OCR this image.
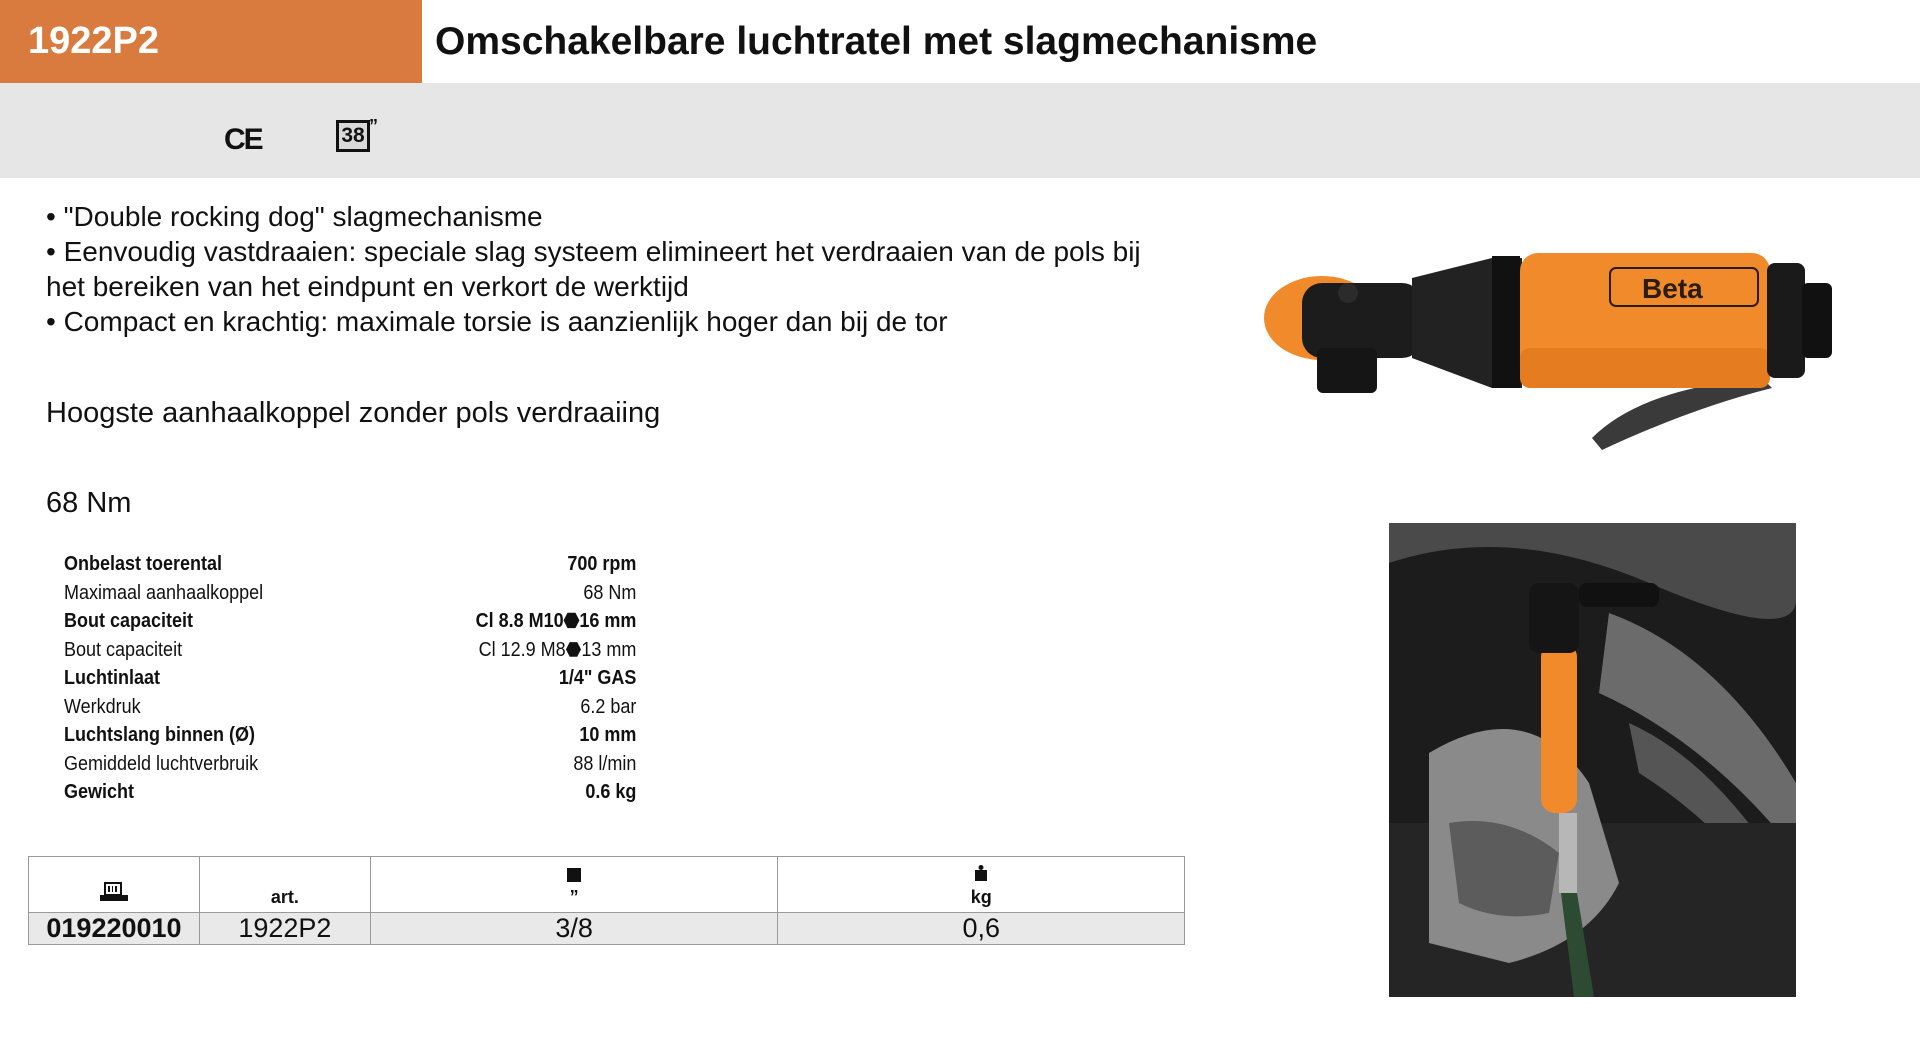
1922P2	Omschakelbare luchtratel met slagmechanisme
CE	38 ”

• "Double rocking dog" slagmechanisme

• Eenvoudig vastdraaien: speciale slag systeem elimineert het verdraaien van de pols bij het bereiken van het eindpunt en verkort de werktijd

• Compact en krachtig: maximale torsie is aanzienlijk hoger dan bij de tor

Hoogste aanhaalkoppel zonder pols verdraaiing
68 Nm
Onbelast toerental	700 rpm
Maximaal aanhaalkoppel	68 Nm
Bout capaciteit	Cl 8.8 M10⬣16 mm
Bout capaciteit	Cl 12.9 M8⬣13 mm
Luchtinlaat	1/4" GAS
Werkdruk	6.2 bar
Luchtslang binnen (Ø)	10 mm
Gemiddeld luchtverbruik	88 l/min
Gewicht	0.6 kg
	art.	”	kg

019220010	1922P2	3/8	0,6
Beta
